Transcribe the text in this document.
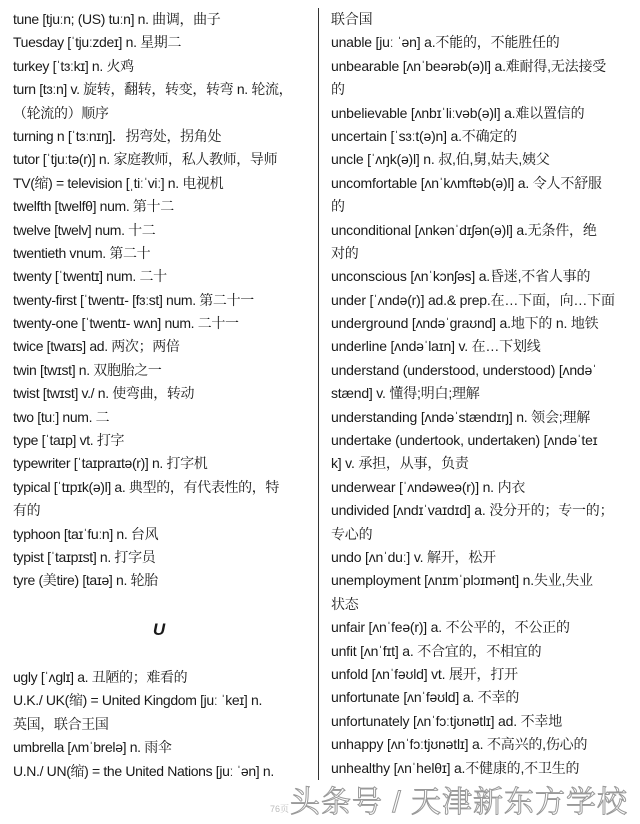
tune [tjuːn; (US) tuːn] n. 曲调，曲子
Tuesday [ˈtjuːzdeɪ] n. 星期二
turkey [ˈtɜːkɪ] n. 火鸡
turn [tɜːn] v. 旋转，翻转，转变，转弯 n. 轮流，
（轮流的）顺序
turning n [ˈtɜːnɪŋ]．拐弯处，拐角处
tutor [ˈtjuːtə(r)] n. 家庭教师，私人教师，导师
TV(缩) = television [ˌtiːˈviː] n. 电视机
twelfth [twelfθ] num. 第十二
twelve [twelv] num. 十二
twentieth vnum. 第二十
twenty [ˈtwentɪ] num. 二十
twenty-first [ˈtwentɪ- [fɜːst] num. 第二十一
twenty-one [ˈtwentɪ- wʌn] num. 二十一
twice [twaɪs] ad. 两次；两倍
twin [twɪst] n. 双胞胎之一
twist [twɪst] v./ n. 使弯曲，转动
two [tuː] num. 二
type [ˈtaɪp] vt. 打字
typewriter [ˈtaɪpraɪtə(r)] n. 打字机
typical [ˈtɪpɪk(ə)l] a. 典型的，有代表性的，特
有的
typhoon [taɪˈfuːn] n. 台风
typist [ˈtaɪpɪst] n. 打字员
tyre (美tire) [taɪə] n. 轮胎
U
ugly [ˈʌglɪ] a. 丑陋的；难看的
U.K./ UK(缩) = United Kingdom [juː ˈkeɪ] n.
英国，联合王国
umbrella [ʌmˈbrelə] n. 雨伞
U.N./ UN(缩) = the United Nations [juː ˈən] n.
联合国
unable [juː ˈən] a.不能的，不能胜任的
unbearable [ʌnˈbeərəb(ə)l] a.难耐得,无法接受
的
unbelievable [ʌnbɪˈliːvəb(ə)l] a.难以置信的
uncertain [ˈsɜːt(ə)n] a.不确定的
uncle [ˈʌŋk(ə)l] n. 叔,伯,舅,姑夫,姨父
uncomfortable [ʌnˈkʌmftəb(ə)l] a. 令人不舒服
的
unconditional [ʌnkənˈdɪʃən(ə)l] a.无条件，绝
对的
unconscious [ʌnˈkɔnʃəs] a.昏迷,不省人事的
under [ˈʌndə(r)] ad.& prep.在…下面，向…下面
underground [ʌndəˈgraʊnd] a.地下的 n. 地铁
underline [ʌndəˈlaɪn] v. 在…下划线
understand (understood, understood) [ʌndəˈ
stænd] v. 懂得;明白;理解
understanding [ʌndəˈstændɪŋ] n. 领会;理解
undertake (undertook, undertaken) [ʌndəˈteɪ
k] v. 承担，从事，负责
underwear [ˈʌndəweə(r)] n. 内衣
undivided [ʌndɪˈvaɪdɪd] a. 没分开的；专一的；
专心的
undo [ʌnˈduː] v. 解开，松开
unemployment [ʌnɪmˈplɔɪmənt] n.失业,失业
状态
unfair [ʌnˈfeə(r)] a. 不公平的，不公正的
unfit [ʌnˈfɪt] a. 不合宜的，不相宜的
unfold [ʌnˈfəʊld] vt. 展开，打开
unfortunate [ʌnˈfəʊld] a. 不幸的
unfortunately [ʌnˈfɔːtjʊnətlɪ] ad. 不幸地
unhappy [ʌnˈfɔːtjʊnətlɪ] a. 不高兴的,伤心的
unhealthy [ʌnˈhelθɪ] a.不健康的,不卫生的
76页 头条号 / 天津新东方学校
